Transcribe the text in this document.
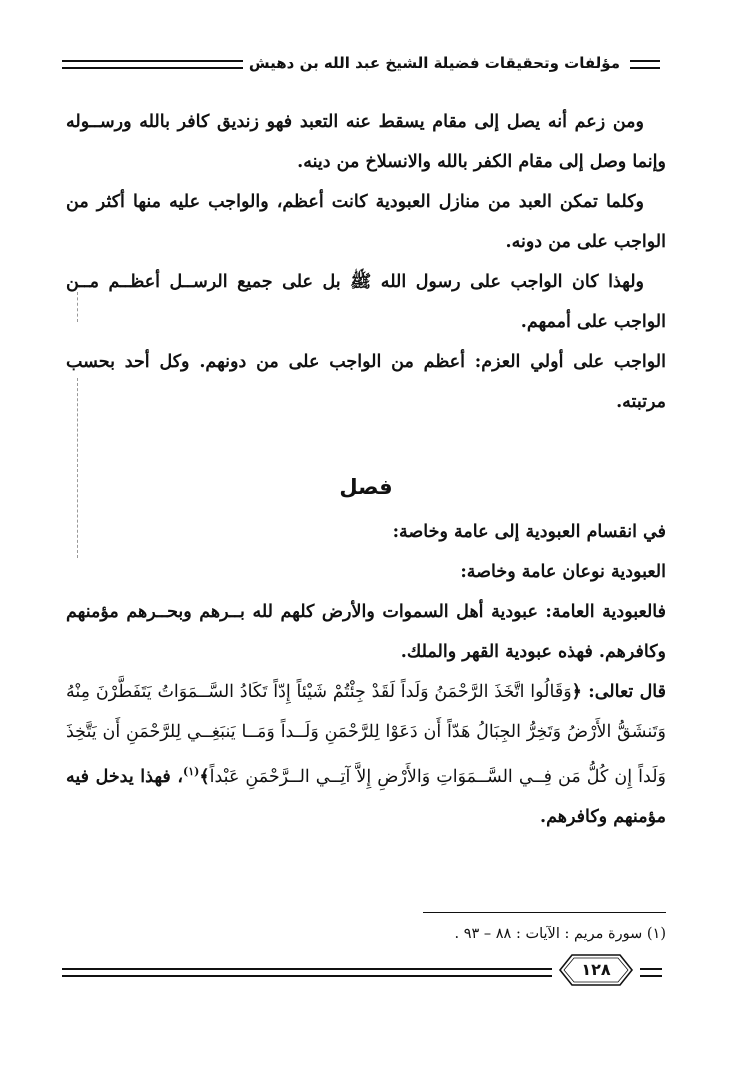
مؤلفات وتحقيقات فضيلة الشيخ عبد الله بن دهيش

ومن زعم أنه يصل إلى مقام يسقط عنه التعبد فهو زنديق كافر بالله ورســوله وإنما وصل إلى مقام الكفر بالله والانسلاخ من دينه.

وكلما تمكن العبد من منازل العبودية كانت أعظم، والواجب عليه منها أكثر من الواجب على من دونه.

ولهذا كان الواجب على رسول الله ﷺ بل على جميع الرســل أعظــم مــن الواجب على أممهم.

الواجب على أولي العزم: أعظم من الواجب على من دونهم. وكل أحد بحسب مرتبته.

فصل

في انقسام العبودية إلى عامة وخاصة:

العبودية نوعان عامة وخاصة:

فالعبودية العامة: عبودية أهل السموات والأرض كلهم لله بــرهم وبحــرهم مؤمنهم وكافرهم. فهذه عبودية القهر والملك.

قال تعالى: ﴿وَقَالُوا اتَّخَذَ الرَّحْمَنُ وَلَداً لَقَدْ جِئْتُمْ شَيْئاً إِدّاً تَكَادُ السَّــمَوَاتُ يَتَفَطَّرْنَ مِنْهُ وَتَنشَقُّ الأَرْضُ وَتَخِرُّ الجِبَالُ هَدّاً أَن دَعَوْا لِلرَّحْمَنِ وَلَــداً وَمَــا يَنبَغِــي لِلرَّحْمَنِ أَن يَتَّخِذَ وَلَداً إِن كُلُّ مَن فِــي السَّــمَوَاتِ وَالأَرْضِ إِلاَّ آتِــي الــرَّحْمَنِ عَبْداً﴾$^{(١)}$، فهذا يدخل فيه مؤمنهم وكافرهم.

(١) سورة مريم : الآيات : ٨٨ – ٩٣ .
١٢٨
